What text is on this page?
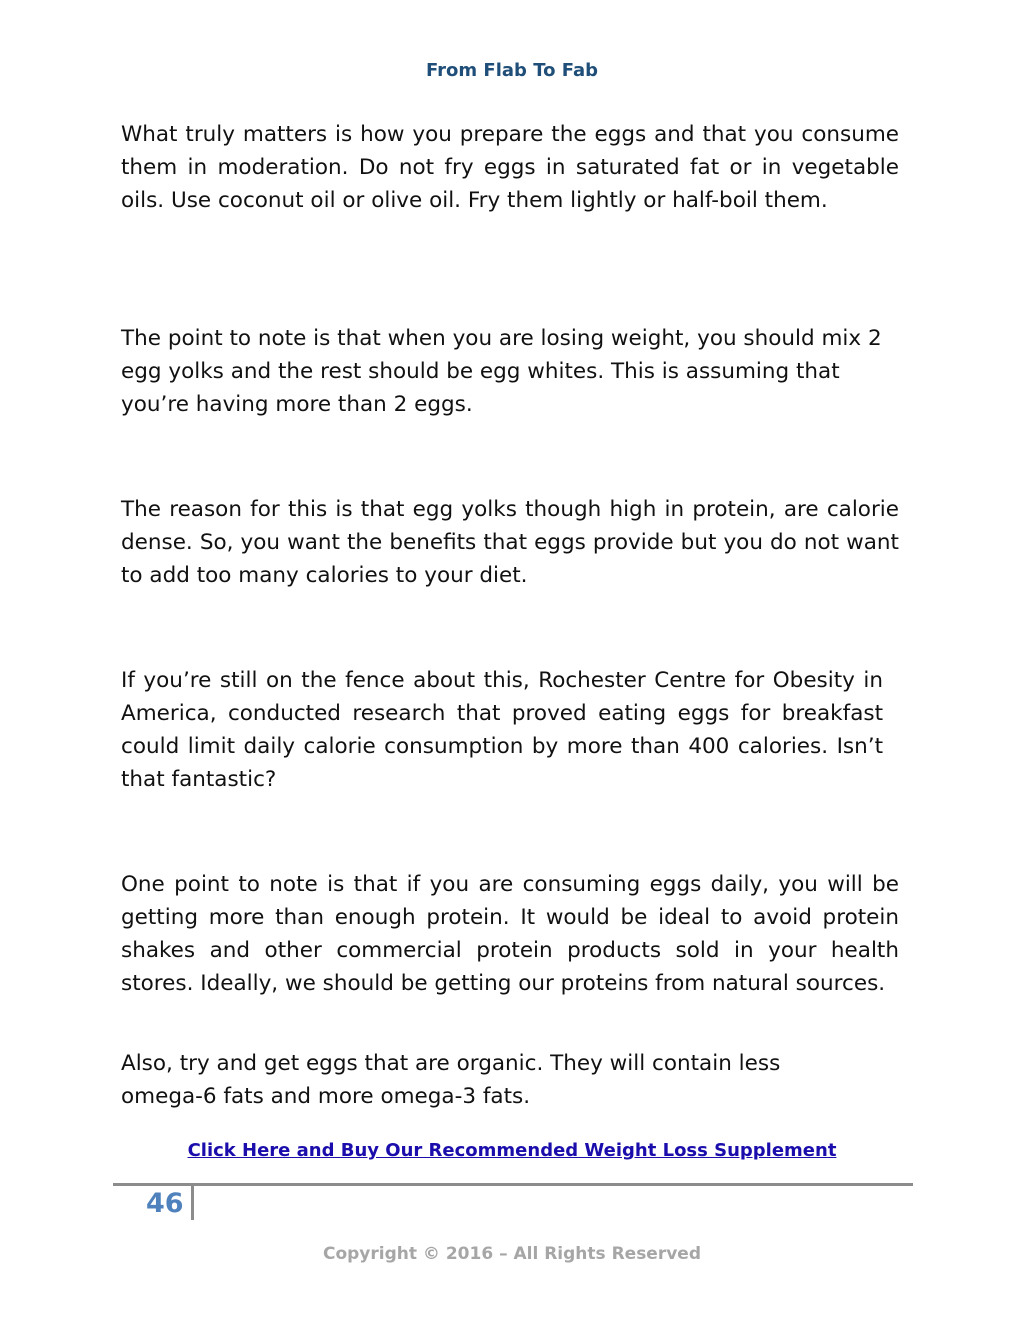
From Flab To Fab

What truly matters is how you prepare the eggs and that you consume them in moderation. Do not fry eggs in saturated fat or in vegetable oils. Use coconut oil or olive oil. Fry them lightly or half-boil them.

The point to note is that when you are losing weight, you should mix 2 egg yolks and the rest should be egg whites. This is assuming that you’re having more than 2 eggs.

The reason for this is that egg yolks though high in protein, are calorie dense. So, you want the benefits that eggs provide but you do not want to add too many calories to your diet.

If you’re still on the fence about this, Rochester Centre for Obesity in America, conducted research that proved eating eggs for breakfast could limit daily calorie consumption by more than 400 calories. Isn’t that fantastic?

One point to note is that if you are consuming eggs daily, you will be getting more than enough protein. It would be ideal to avoid protein shakes and other commercial protein products sold in your health stores. Ideally, we should be getting our proteins from natural sources.

Also, try and get eggs that are organic. They will contain less omega-6 fats and more omega-3 fats.

Click Here and Buy Our Recommended Weight Loss Supplement
46
Copyright © 2016 – All Rights Reserved
